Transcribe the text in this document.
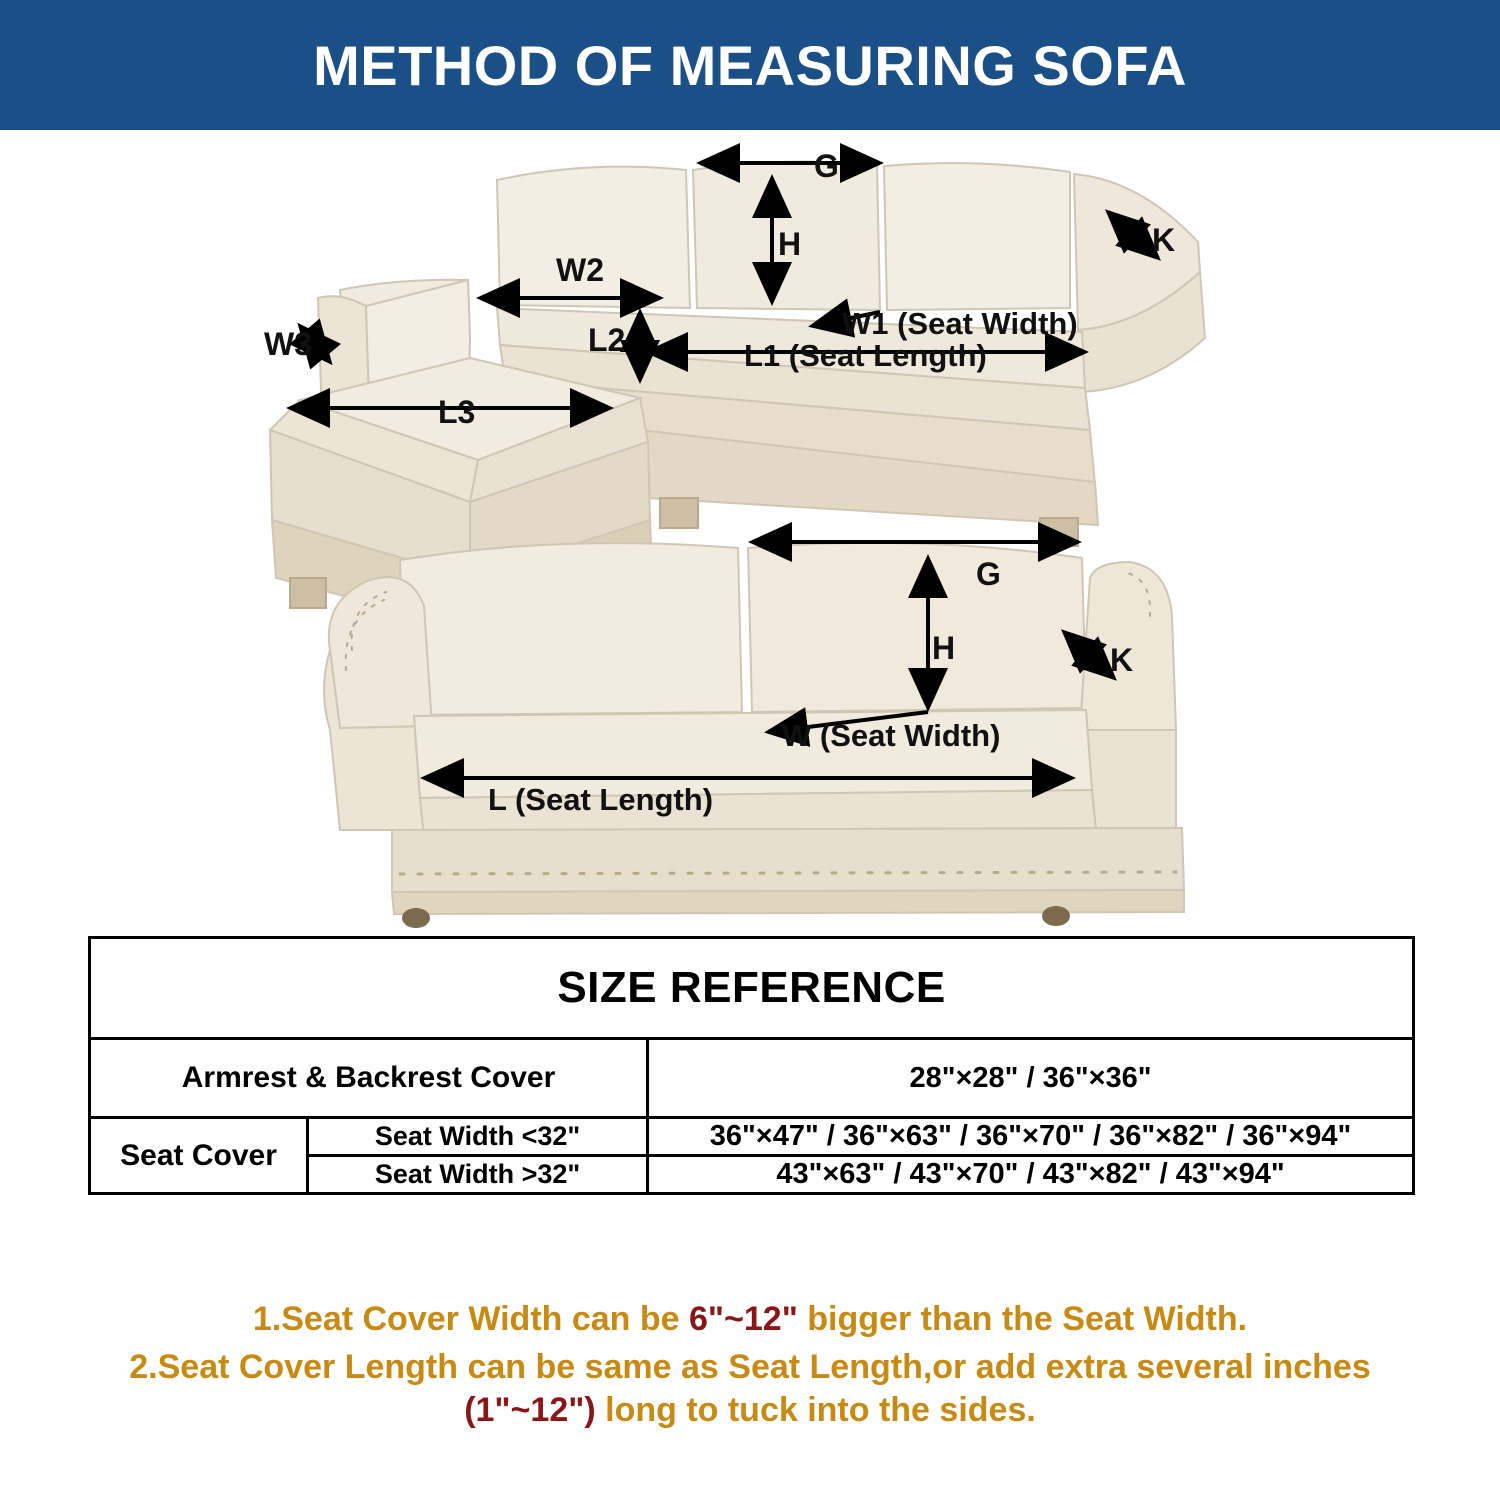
METHOD OF MEASURING SOFA
G
H	K
W1 (Seat Width)
L1 (Seat Length)
W2
L2
W3
L3
G
H	K
W (Seat Width)
L (Seat Length)
SIZE REFERENCE		
Armrest & Backrest Cover		28"×28" / 36"×36"
Seat Cover	Seat Width <32"	36"×47" / 36"×63" / 36"×70" / 36"×82" / 36"×94"
	Seat Width >32"	43"×63" / 43"×70" / 43"×82" / 43"×94"
1.Seat Cover Width can be 6"~12" bigger than the Seat Width.
2.Seat Cover Length can be same as Seat Length,or add extra several inches (1"~12") long to tuck into the sides.
